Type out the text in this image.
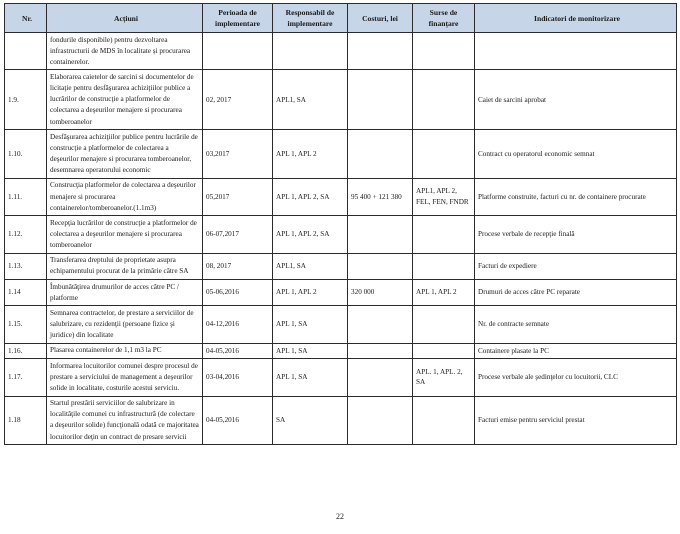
Nr.	Acțiuni	Perioada de implementare	Responsabil de implementare	Costuri, lei	Surse de finanțare	Indicatori de monitorizare
	fondurile disponibile) pentru dezvoltarea infrastructurii de MDS în localitate și procurarea containerelor.					
1.9.	Elaborarea caietelor de sarcini si documentelor de licitaţie pentru desfăşurarea achiziţiilor publice a lucrărilor de construcţie a platformelor de colectarea a deşeurilor menajere si procurarea tomberoanelor	02, 2017	APL1, SA			Caiet de sarcini aprobat
1.10.	Desfăşurarea achiziţiilor publice pentru lucrările de construcţie a platformelor de colectarea a deşeurilor menajere si procurarea tomberoanelor, desemnarea operatorului economic	03,2017	APL 1, APL 2			Contract cu operatorul economic semnat
1.11.	Construcţia platformelor de colectarea a deşeurilor menajere si procurarea containerelor/tomberoanelor.(1.1m3)	05,2017	APL 1, APL 2, SA	95 400 + 121 380	APL1, APL 2, FEL, FEN, FNDR	Platforme construite, facturi cu nr. de containere procurate
1.12.	Recepţia lucrărilor de construcţie a platformelor de colectarea a deşeurilor menajere si procurarea tomberoanelor	06-07,2017	APL 1, APL 2, SA			Procese verbale de recepţie finală
1.13.	Transferarea dreptului de proprietate asupra echipamentului procurat de la primărie către SA	08, 2017	APL1, SA			Facturi de expediere
1.14	Îmbunătăţirea drumurilor de acces către PC / platforme	05-06,2016	APL 1, APL 2	320 000	APL 1, APL 2	Drumuri de acces către PC reparate
1.15.	Semnarea contractelor, de prestare a serviciilor de salubrizare, cu rezidenţii (persoane fizice şi juridice) din localitate	04-12,2016	APL 1, SA			Nr. de contracte semnate
1.16.	Plasarea containerelor de 1,1 m3 la PC	04-05,2016	APL 1, SA			Containere plasate la PC
1.17.	Informarea locuitorilor comunei despre procesul de prestare a serviciului de management a deşeurilor solide in localitate, costurile acestui serviciu.	03-04,2016	APL 1, SA		APL. 1, APL. 2, SA	Procese verbale ale şedinţelor cu locuitorii, CLC
1.18	Startul prestării serviciilor de salubrizare in localităţile comunei cu infrastructură (de colectare a deşeurilor solide) funcţională odată ce majoritatea locuitorilor deţin un contract de presare servicii	04-05,2016	SA			Facturi emise pentru serviciul prestat
22
